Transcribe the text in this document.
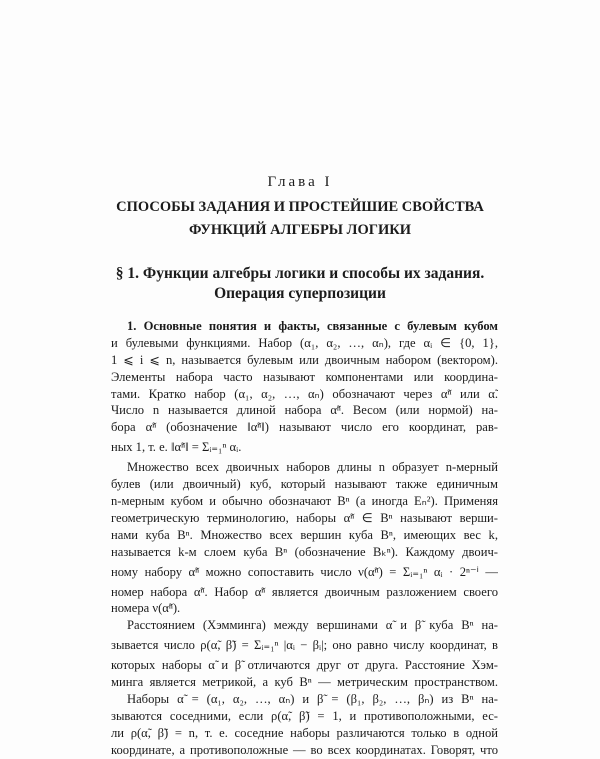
Глава I
СПОСОБЫ ЗАДАНИЯ И ПРОСТЕЙШИЕ СВОЙСТВА
ФУНКЦИЙ АЛГЕБРЫ ЛОГИКИ
§ 1. Функции алгебры логики и способы их задания.
Операция суперпозиции
1. Основные понятия и факты, связанные с булевым кубом
и булевыми функциями. Набор (α₁, α₂, …, αₙ), где αᵢ ∈ {0, 1},
1 ⩽ i ⩽ n, называется булевым или двоичным набором (вектором).
Элементы набора часто называют компонентами или координа-
тами. Кратко набор (α₁, α₂, …, αₙ) обозначают через α̃ⁿ или α̃.
Число n называется длиной набора α̃ⁿ. Весом (или нормой) на-
бора α̃ⁿ (обозначение ‖α̃ⁿ‖) называют число его координат, рав-
ных 1, т. е. ‖α̃ⁿ‖ = Σᵢ₌₁ⁿ αᵢ.
Множество всех двоичных наборов длины n образует n-мерный
булев (или двоичный) куб, который называют также единичным
n-мерным кубом и обычно обозначают Bⁿ (а иногда Eₙ²). Применяя
геометрическую терминологию, наборы α̃ⁿ ∈ Bⁿ называют верши-
нами куба Bⁿ. Множество всех вершин куба Bⁿ, имеющих вес k,
называется k-м слоем куба Bⁿ (обозначение Bₖⁿ). Каждому двоич-
ному набору α̃ⁿ можно сопоставить число ν(α̃ⁿ) = Σᵢ₌₁ⁿ αᵢ · 2ⁿ⁻ⁱ —
номер набора α̃ⁿ. Набор α̃ⁿ является двоичным разложением своего
номера ν(α̃ⁿ).
Расстоянием (Хэмминга) между вершинами α̃ и β̃ куба Bⁿ на-
зывается число ρ(α̃, β̃) = Σᵢ₌₁ⁿ |αᵢ − βᵢ|; оно равно числу координат, в
которых наборы α̃ и β̃ отличаются друг от друга. Расстояние Хэм-
минга является метрикой, а куб Bⁿ — метрическим пространством.
Наборы α̃ = (α₁, α₂, …, αₙ) и β̃ = (β₁, β₂, …, βₙ) из Bⁿ на-
зываются соседними, если ρ(α̃, β̃) = 1, и противоположными, ес-
ли ρ(α̃, β̃) = n, т. е. соседние наборы различаются только в одной
координате, а противоположные — во всех координатах. Говорят, что
